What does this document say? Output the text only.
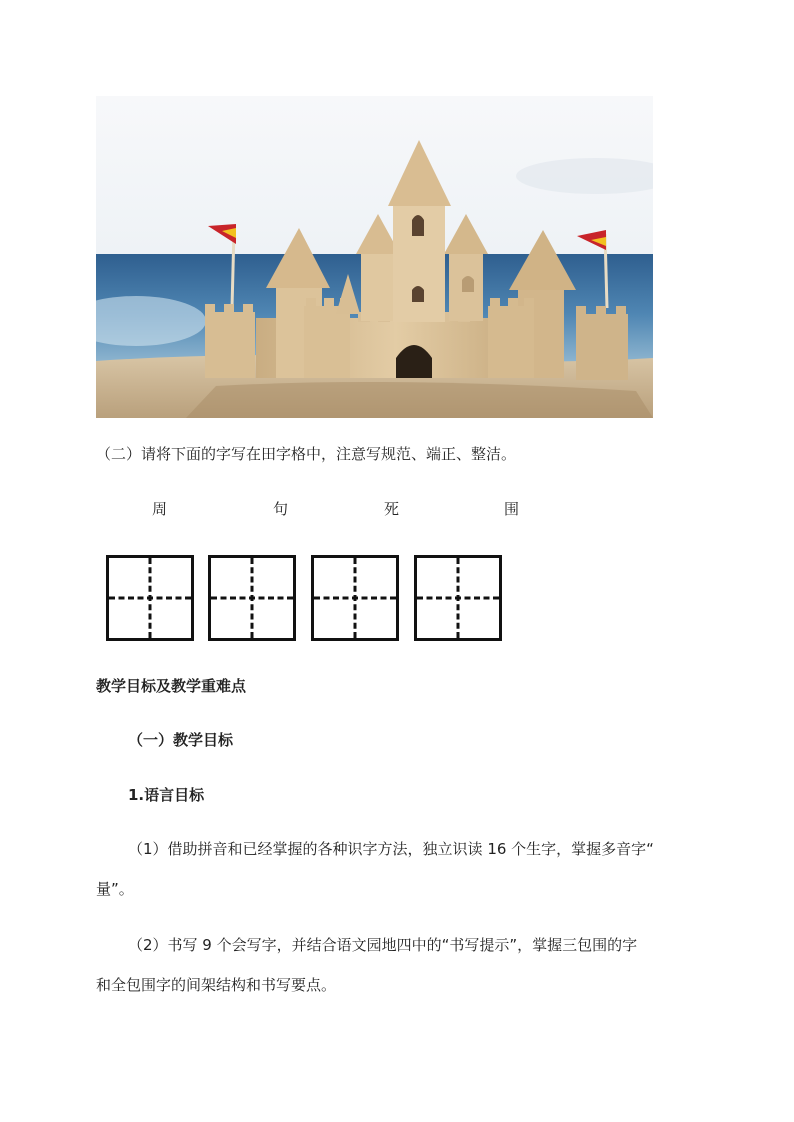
（二）请将下面的字写在田字格中，注意写规范、端正、整洁。
周	句	死	围
教学目标及教学重难点
（一）教学目标
1.语言目标
（1）借助拼音和已经掌握的各种识字方法，独立识读 16 个生字，掌握多音字“
量”。
（2）书写 9 个会写字，并结合语文园地四中的“书写提示”，掌握三包围的字
和全包围字的间架结构和书写要点。
